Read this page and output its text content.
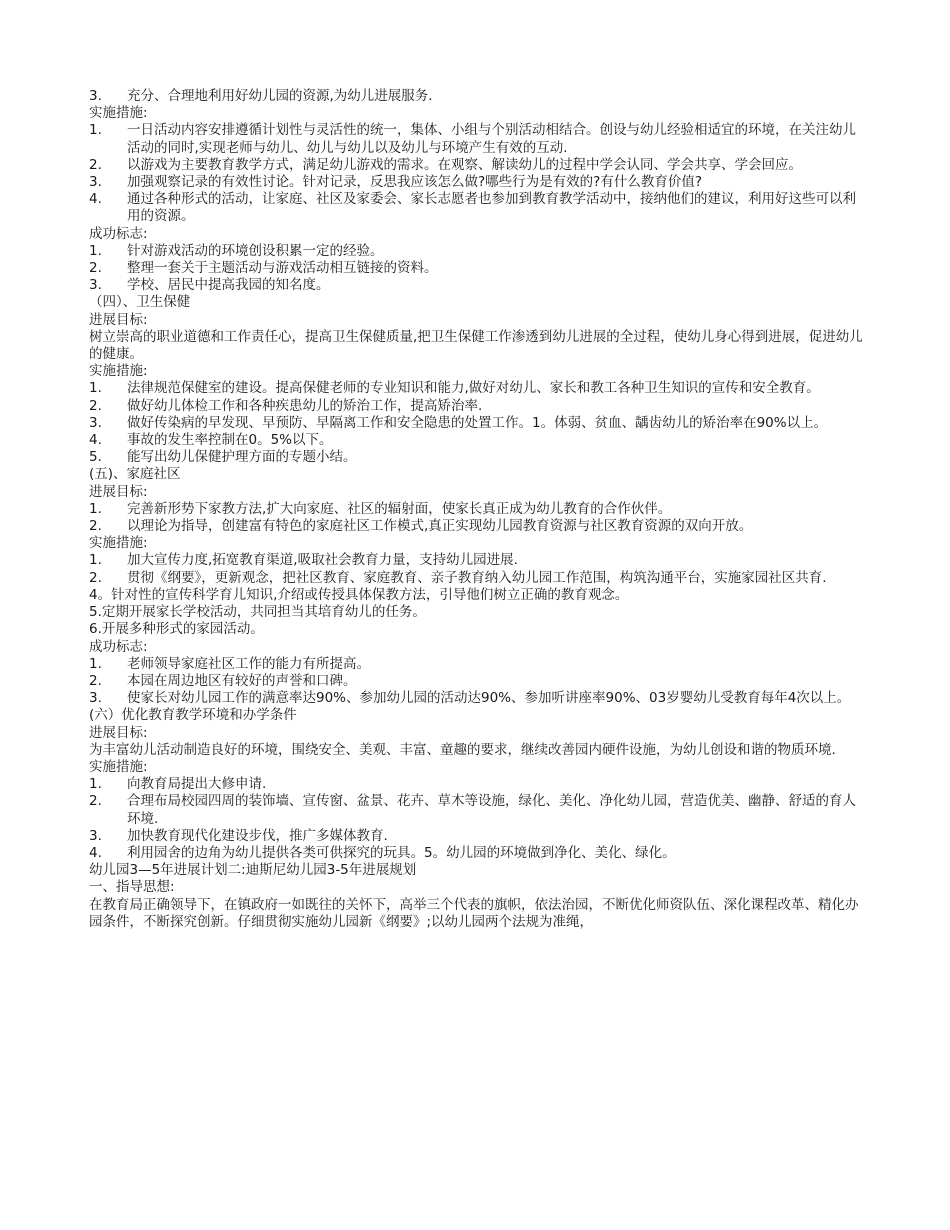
3.	充分、合理地利用好幼儿园的资源,为幼儿进展服务.
实施措施:
1.	一日活动内容安排遵循计划性与灵活性的统一，集体、小组与个别活动相结合。创设与幼儿经验相适宜的环境，在关注幼儿活动的同时,实现老师与幼儿、幼儿与幼儿以及幼儿与环境产生有效的互动.
2.	以游戏为主要教育教学方式，满足幼儿游戏的需求。在观察、解读幼儿的过程中学会认同、学会共享、学会回应。
3.	加强观察记录的有效性讨论。针对记录，反思我应该怎么做?哪些行为是有效的?有什么教育价值?
4.	通过各种形式的活动，让家庭、社区及家委会、家长志愿者也参加到教育教学活动中，接纳他们的建议，利用好这些可以利用的资源。
成功标志:
1.	针对游戏活动的环境创设积累一定的经验。
2.	整理一套关于主题活动与游戏活动相互链接的资料。
3.	学校、居民中提高我园的知名度。
（四）、卫生保健
进展目标:
树立崇高的职业道德和工作责任心，提高卫生保健质量,把卫生保健工作渗透到幼儿进展的全过程，使幼儿身心得到进展，促进幼儿的健康。
实施措施:
1.	法律规范保健室的建设。提高保健老师的专业知识和能力,做好对幼儿、家长和教工各种卫生知识的宣传和安全教育。
2.	做好幼儿体检工作和各种疾患幼儿的矫治工作，提高矫治率.
3.	做好传染病的早发现、早预防、早隔离工作和安全隐患的处置工作。1。体弱、贫血、龋齿幼儿的矫治率在90%以上。
4.	事故的发生率控制在0。5%以下。
5.	能写出幼儿保健护理方面的专题小结。
(五)、家庭社区
进展目标:
1.	完善新形势下家教方法,扩大向家庭、社区的辐射面，使家长真正成为幼儿教育的合作伙伴。
2.	以理论为指导，创建富有特色的家庭社区工作模式,真正实现幼儿园教育资源与社区教育资源的双向开放。
实施措施:
1.	加大宣传力度,拓宽教育渠道,吸取社会教育力量，支持幼儿园进展.
2.	贯彻《纲要》，更新观念，把社区教育、家庭教育、亲子教育纳入幼儿园工作范围，构筑沟通平台，实施家园社区共育.
4。针对性的宣传科学育儿知识,介绍或传授具体保教方法，引导他们树立正确的教育观念。
5.定期开展家长学校活动，共同担当其培育幼儿的任务。
6.开展多种形式的家园活动。
成功标志:
1.	老师领导家庭社区工作的能力有所提高。
2.	本园在周边地区有较好的声誉和口碑。
3.	使家长对幼儿园工作的满意率达90%、参加幼儿园的活动达90%、参加听讲座率90%、03岁婴幼儿受教育每年4次以上。
(六）优化教育教学环境和办学条件
进展目标:
为丰富幼儿活动制造良好的环境，围绕安全、美观、丰富、童趣的要求，继续改善园内硬件设施，为幼儿创设和谐的物质环境.
实施措施:
1.	向教育局提出大修申请.
2.	合理布局校园四周的装饰墙、宣传窗、盆景、花卉、草木等设施，绿化、美化、净化幼儿园，营造优美、幽静、舒适的育人环境.
3.	加快教育现代化建设步伐，推广多媒体教育.
4.	利用园舍的边角为幼儿提供各类可供探究的玩具。5。幼儿园的环境做到净化、美化、绿化。
幼儿园3—5年进展计划二:迪斯尼幼儿园3-5年进展规划
一、指导思想:
在教育局正确领导下，在镇政府一如既往的关怀下，高举三个代表的旗帜，依法治园，不断优化师资队伍、深化课程改革、精化办园条件，不断探究创新。仔细贯彻实施幼儿园新《纲要》;以幼儿园两个法规为准绳，
